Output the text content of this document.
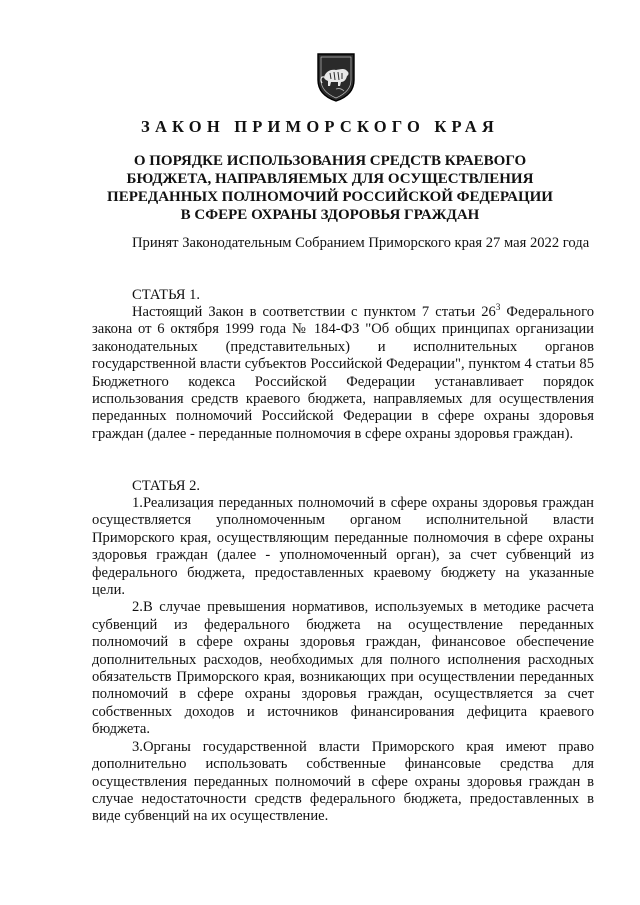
ЗАКОН ПРИМОРСКОГО КРАЯ
О ПОРЯДКЕ ИСПОЛЬЗОВАНИЯ СРЕДСТВ КРАЕВОГО
БЮДЖЕТА, НАПРАВЛЯЕМЫХ ДЛЯ ОСУЩЕСТВЛЕНИЯ
ПЕРЕДАННЫХ ПОЛНОМОЧИЙ РОССИЙСКОЙ ФЕДЕРАЦИИ
В СФЕРЕ ОХРАНЫ ЗДОРОВЬЯ ГРАЖДАН

Принят Законодательным Собранием Приморского края 27 мая 2022 года

СТАТЬЯ 1.

Настоящий Закон в соответствии с пунктом 7 статьи $26^3$ Федерального закона от 6 октября 1999 года № 184-ФЗ "Об общих принципах организации законодательных (представительных) и исполнительных органов государственной власти субъектов Российской Федерации", пунктом 4 статьи 85 Бюджетного кодекса Российской Федерации устанавливает порядок использования средств краевого бюджета, направляемых для осуществления переданных полномочий Российской Федерации в сфере охраны здоровья граждан (далее - переданные полномочия в сфере охраны здоровья граждан).

СТАТЬЯ 2.

1.Реализация переданных полномочий в сфере охраны здоровья граждан осуществляется уполномоченным органом исполнительной власти Приморского края, осуществляющим переданные полномочия в сфере охраны здоровья граждан (далее - уполномоченный орган), за счет субвенций из федерального бюджета, предоставленных краевому бюджету на указанные цели.

2.В случае превышения нормативов, используемых в методике расчета субвенций из федерального бюджета на осуществление переданных полномочий в сфере охраны здоровья граждан, финансовое обеспечение дополнительных расходов, необходимых для полного исполнения расходных обязательств Приморского края, возникающих при осуществлении переданных полномочий в сфере охраны здоровья граждан, осуществляется за счет собственных доходов и источников финансирования дефицита краевого бюджета.

3.Органы государственной власти Приморского края имеют право дополнительно использовать собственные финансовые средства для осуществления переданных полномочий в сфере охраны здоровья граждан в случае недостаточности средств федерального бюджета, предоставленных в виде субвенций на их осуществление.
